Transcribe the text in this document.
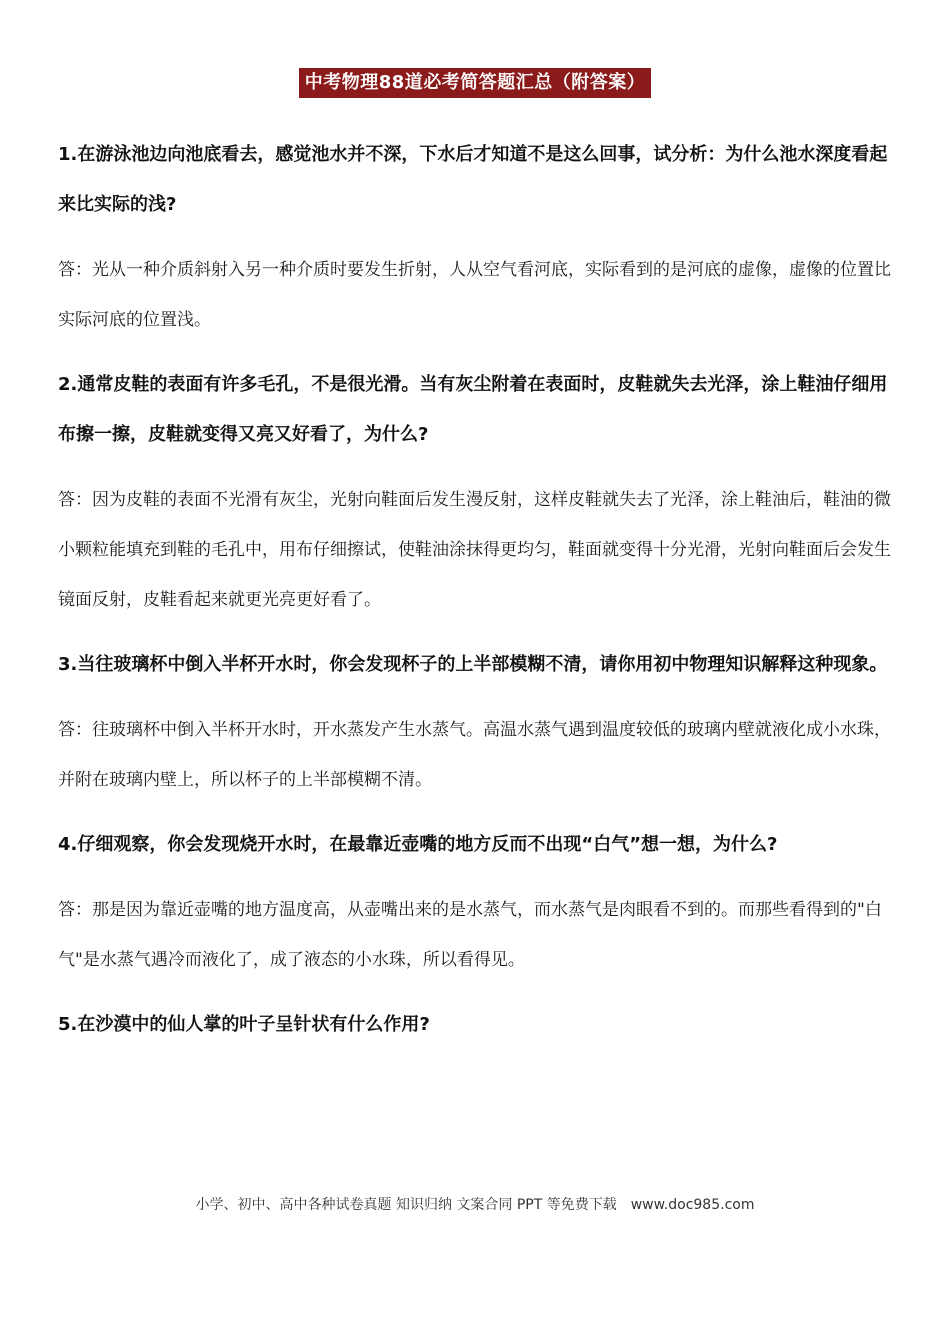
中考物理88道必考简答题汇总（附答案）

1.在游泳池边向池底看去，感觉池水并不深，下水后才知道不是这么回事，试分析：为什么池水深度看起来比实际的浅?

答：光从一种介质斜射入另一种介质时要发生折射，人从空气看河底，实际看到的是河底的虚像，虚像的位置比实际河底的位置浅。

2.通常皮鞋的表面有许多毛孔，不是很光滑。当有灰尘附着在表面时，皮鞋就失去光泽，涂上鞋油仔细用布擦一擦，皮鞋就变得又亮又好看了，为什么?

答：因为皮鞋的表面不光滑有灰尘，光射向鞋面后发生漫反射，这样皮鞋就失去了光泽，涂上鞋油后，鞋油的微小颗粒能填充到鞋的毛孔中，用布仔细擦试，使鞋油涂抹得更均匀，鞋面就变得十分光滑，光射向鞋面后会发生镜面反射，皮鞋看起来就更光亮更好看了。

3.当往玻璃杯中倒入半杯开水时，你会发现杯子的上半部模糊不清，请你用初中物理知识解释这种现象。

答：往玻璃杯中倒入半杯开水时，开水蒸发产生水蒸气。高温水蒸气遇到温度较低的玻璃内壁就液化成小水珠，并附在玻璃内壁上，所以杯子的上半部模糊不清。

4.仔细观察，你会发现烧开水时，在最靠近壶嘴的地方反而不出现“白气”想一想，为什么?

答：那是因为靠近壶嘴的地方温度高，从壶嘴出来的是水蒸气，而水蒸气是肉眼看不到的。而那些看得到的"白气"是水蒸气遇冷而液化了，成了液态的小水珠，所以看得见。

5.在沙漠中的仙人掌的叶子呈针状有什么作用?

小学、初中、高中各种试卷真题 知识归纳 文案合同 PPT 等免费下载　www.doc985.com
